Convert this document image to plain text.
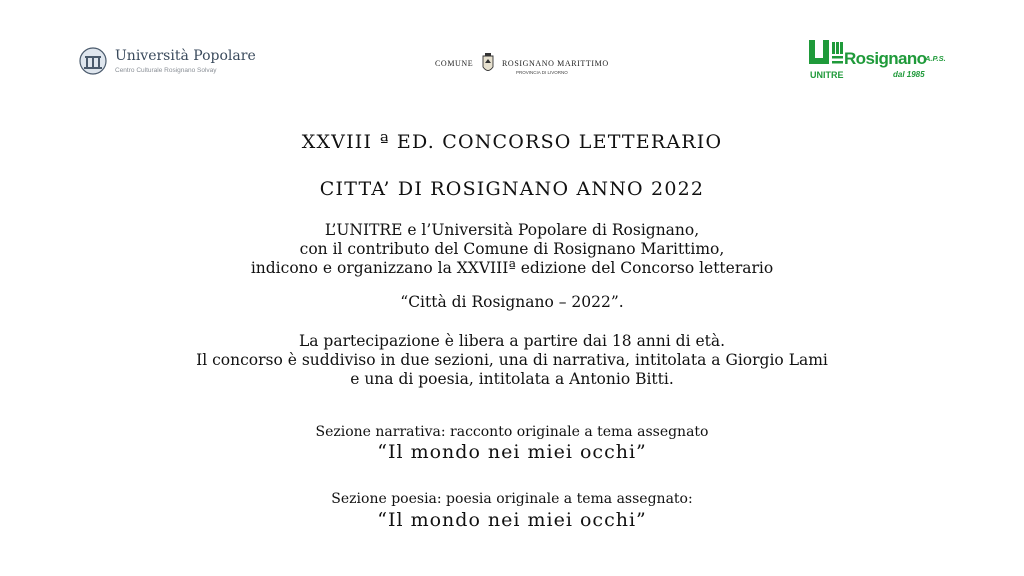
Università Popolare
Centro Culturale Rosignano Solvay
COMUNE	ROSIGNANO MARITTIMO
PROVINCIA DI LIVORNO
Rosignano
A.P.S.
UNITRE	dal 1985
XXVIII ª ED. CONCORSO LETTERARIO
CITTA’ DI ROSIGNANO ANNO 2022
L’UNITRE e l’Università Popolare di Rosignano,
con il contributo del Comune di Rosignano Marittimo,
indicono e organizzano la XXVIIIª edizione del Concorso letterario
“Città di Rosignano – 2022”.
La partecipazione è libera a partire dai 18 anni di età.
Il concorso è suddiviso in due sezioni, una di narrativa, intitolata a Giorgio Lami
e una di poesia, intitolata a Antonio Bitti.
Sezione narrativa: racconto originale a tema assegnato
“Il mondo nei miei occhi”
Sezione poesia: poesia originale a tema assegnato:
“Il mondo nei miei occhi”
